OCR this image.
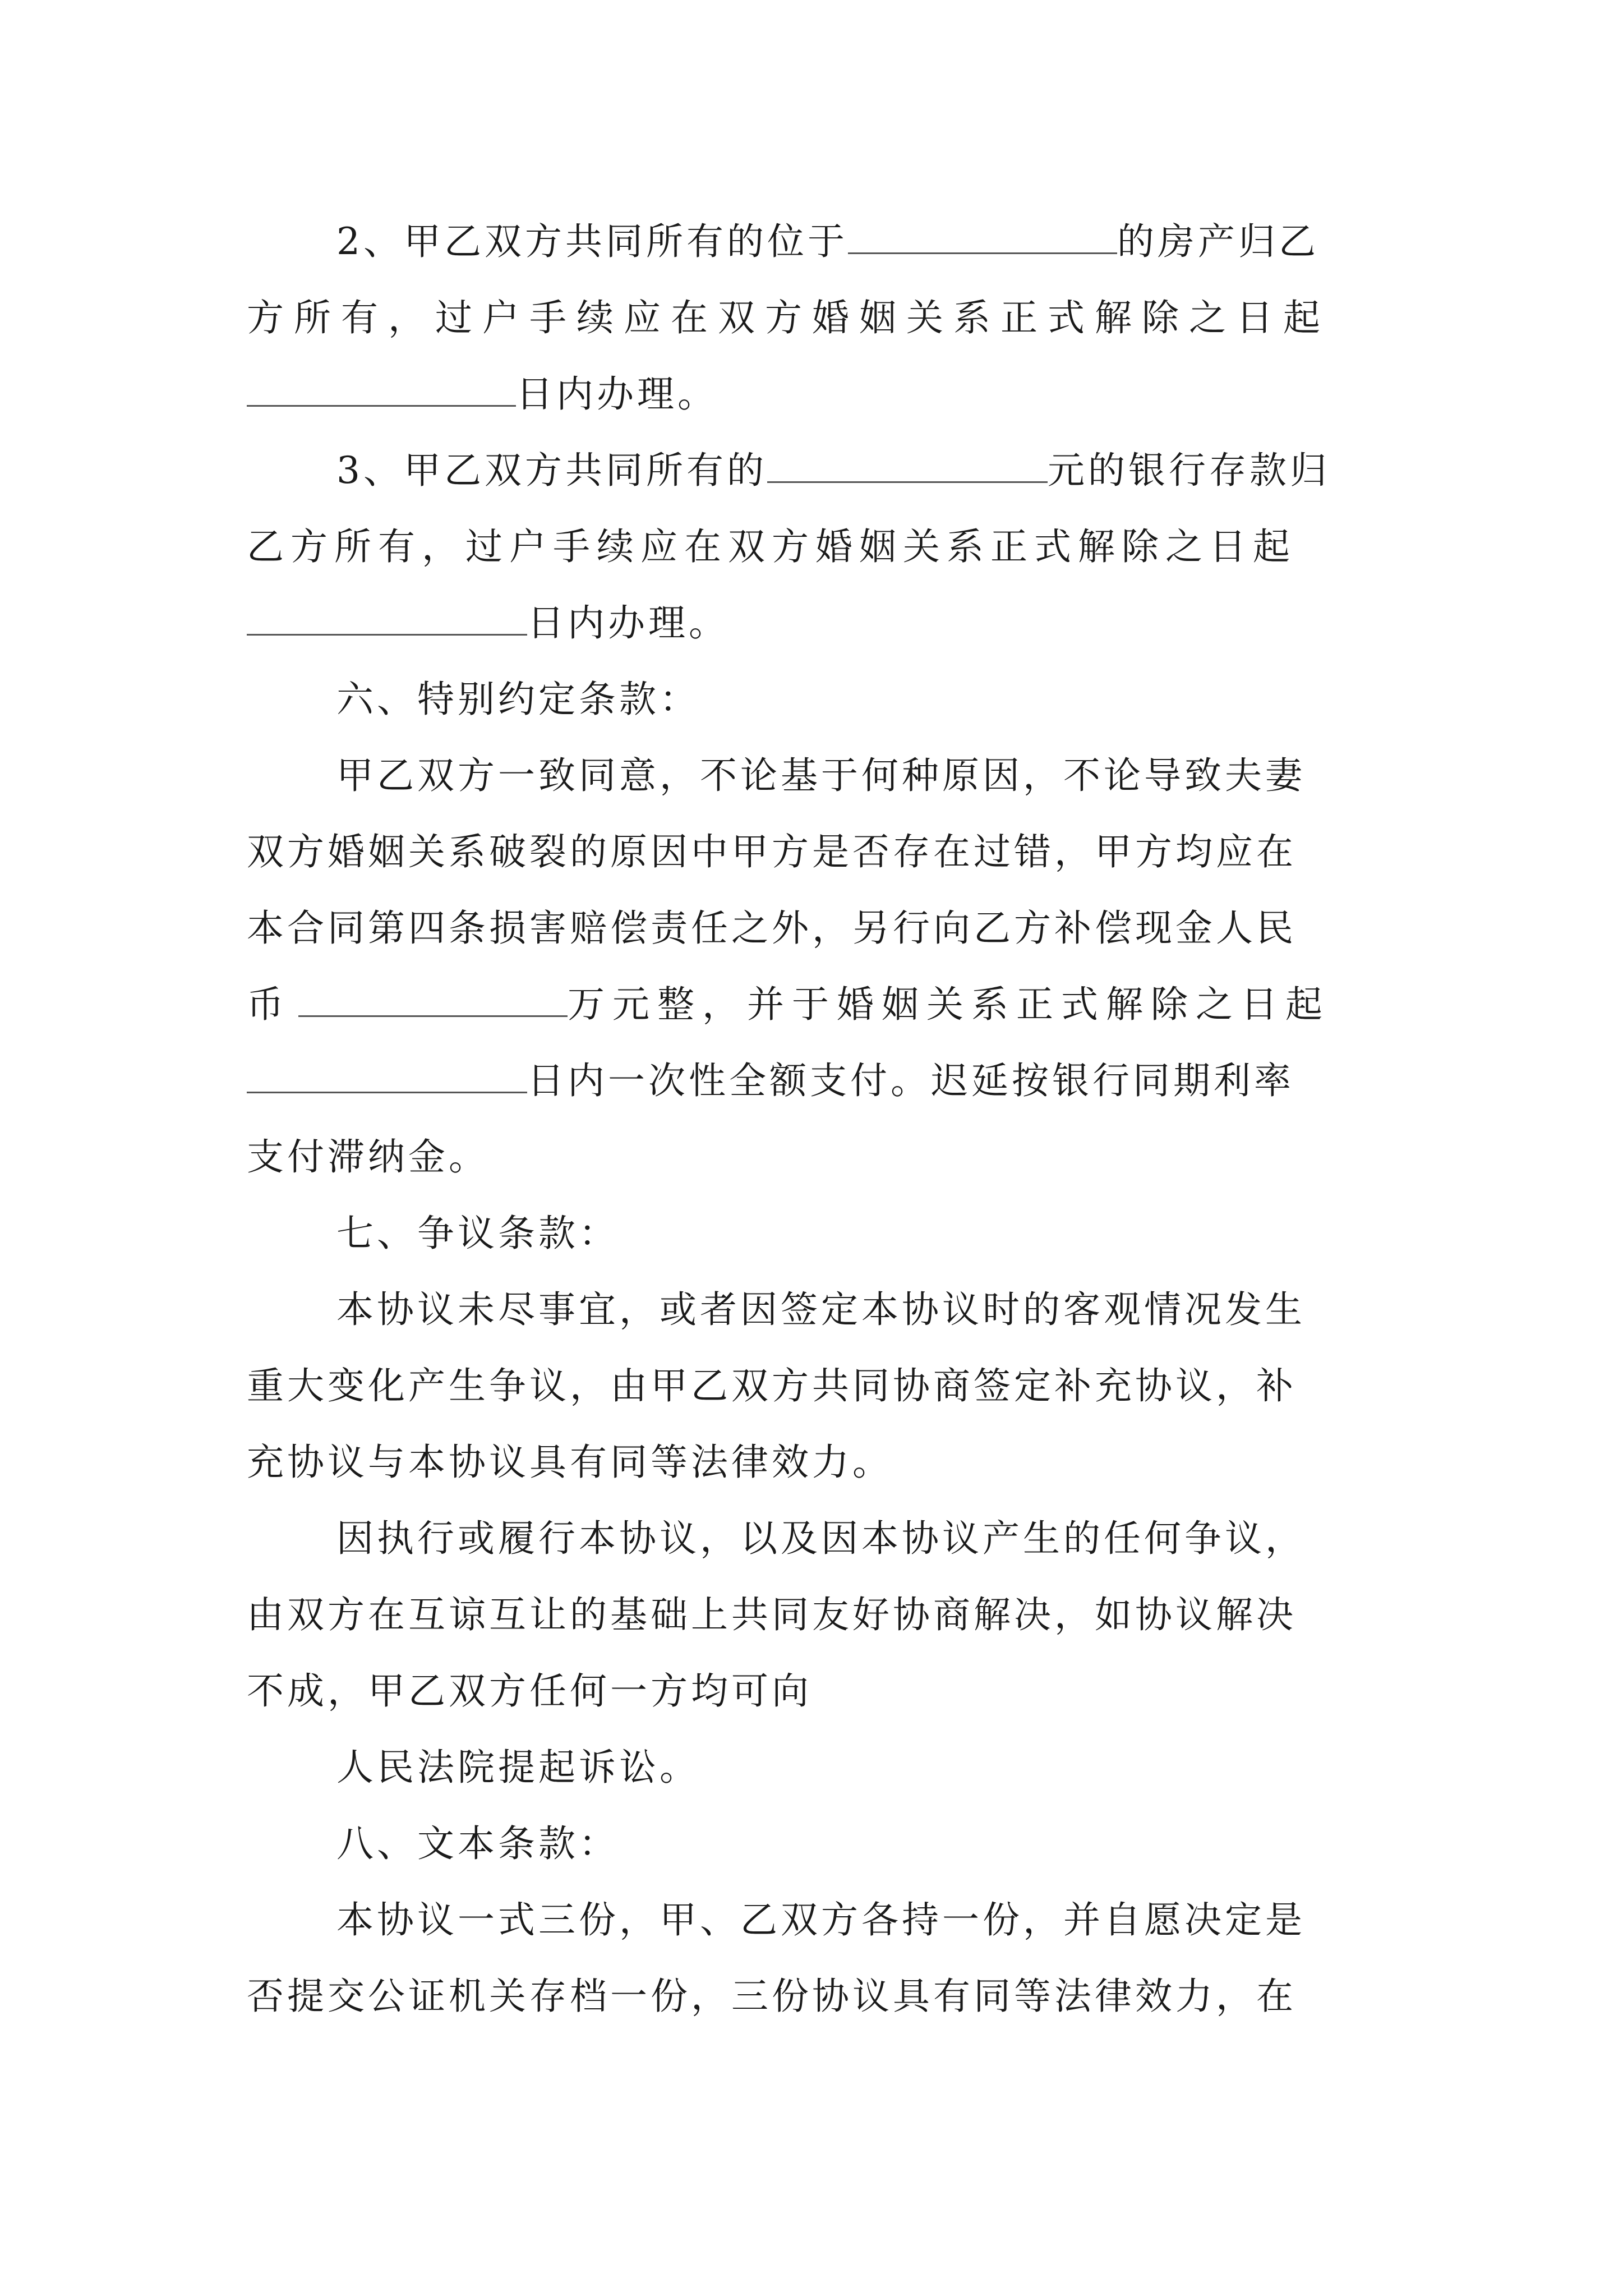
2、甲乙双方共同所有的位于	的房产归乙
方所有，过户手续应在双方婚姻关系正式解除之日起
日内办理。
3、甲乙双方共同所有的	元的银行存款归
乙方所有，过户手续应在双方婚姻关系正式解除之日起
日内办理。
六、特别约定条款：
甲乙双方一致同意，不论基于何种原因，不论导致夫妻
双方婚姻关系破裂的原因中甲方是否存在过错，甲方均应在
本合同第四条损害赔偿责任之外，另行向乙方补偿现金人民
币	万元整，并于婚姻关系正式解除之日起
日内一次性全额支付。迟延按银行同期利率
支付滞纳金。
七、争议条款：
本协议未尽事宜，或者因签定本协议时的客观情况发生
重大变化产生争议，由甲乙双方共同协商签定补充协议，补
充协议与本协议具有同等法律效力。
因执行或履行本协议，以及因本协议产生的任何争议，
由双方在互谅互让的基础上共同友好协商解决，如协议解决
不成，甲乙双方任何一方均可向
人民法院提起诉讼。
八、文本条款：
本协议一式三份，甲、乙双方各持一份，并自愿决定是
否提交公证机关存档一份，三份协议具有同等法律效力，在
